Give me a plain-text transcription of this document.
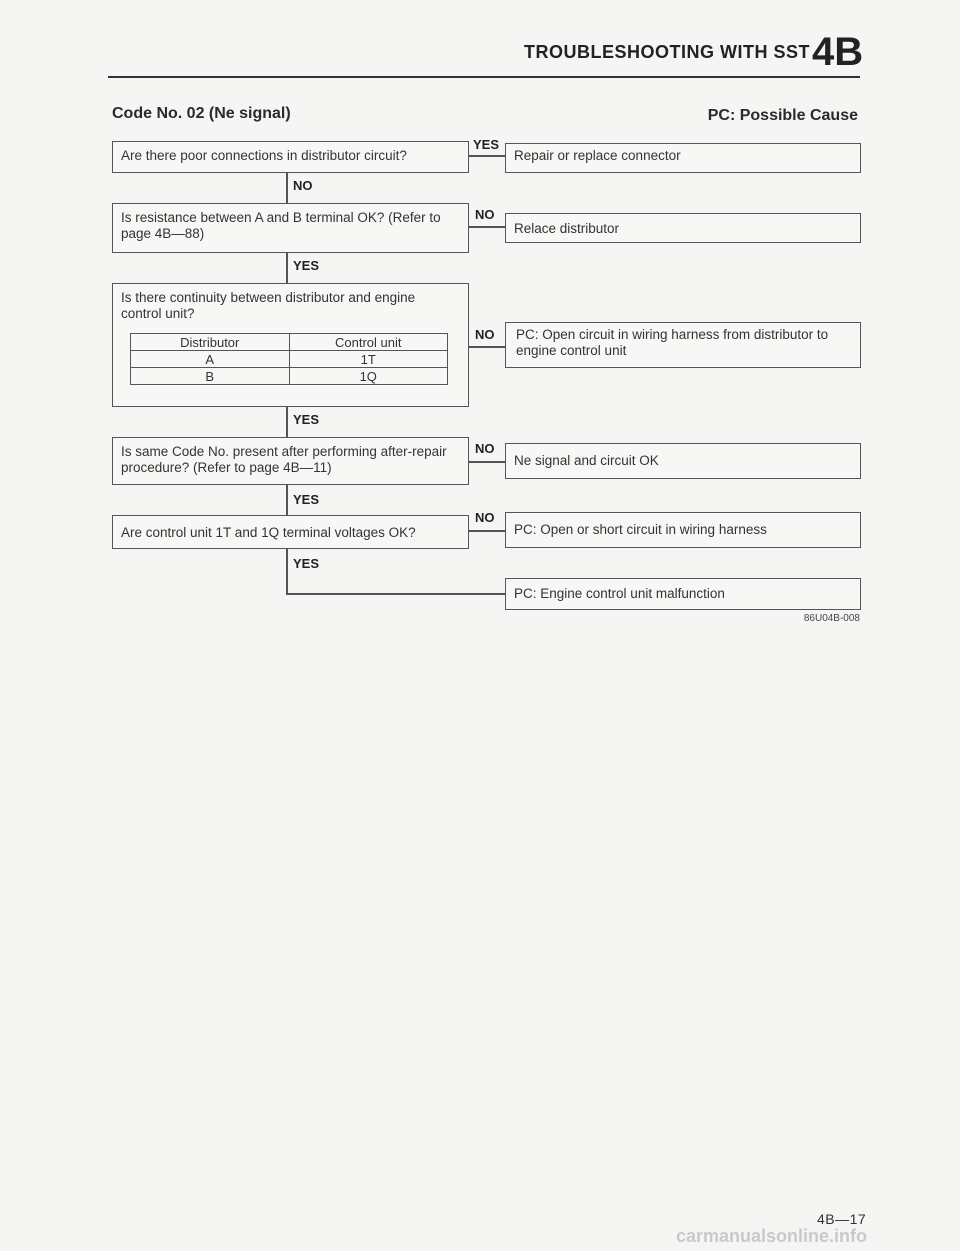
TROUBLESHOOTING WITH SST 4B
Code No. 02 (Ne signal)	PC: Possible Cause
Are there poor connections in distributor circuit?
YES
Repair or replace connector
NO
Is resistance between A and B terminal OK? (Refer to page 4B—88)
NO
Relace distributor
YES
Is there continuity between distributor and engine control unit?
Distributor	Control unit
A	1T
B	1Q
NO	PC: Open circuit in wiring harness from distributor to engine control unit
YES
Is same Code No. present after performing after-repair procedure? (Refer to page 4B—11)
NO
Ne signal and circuit OK
YES
Are control unit 1T and 1Q terminal voltages OK?
NO
PC: Open or short circuit in wiring harness
YES
PC: Engine control unit malfunction
86U04B-008
4B—17
carmanualsonline.info
